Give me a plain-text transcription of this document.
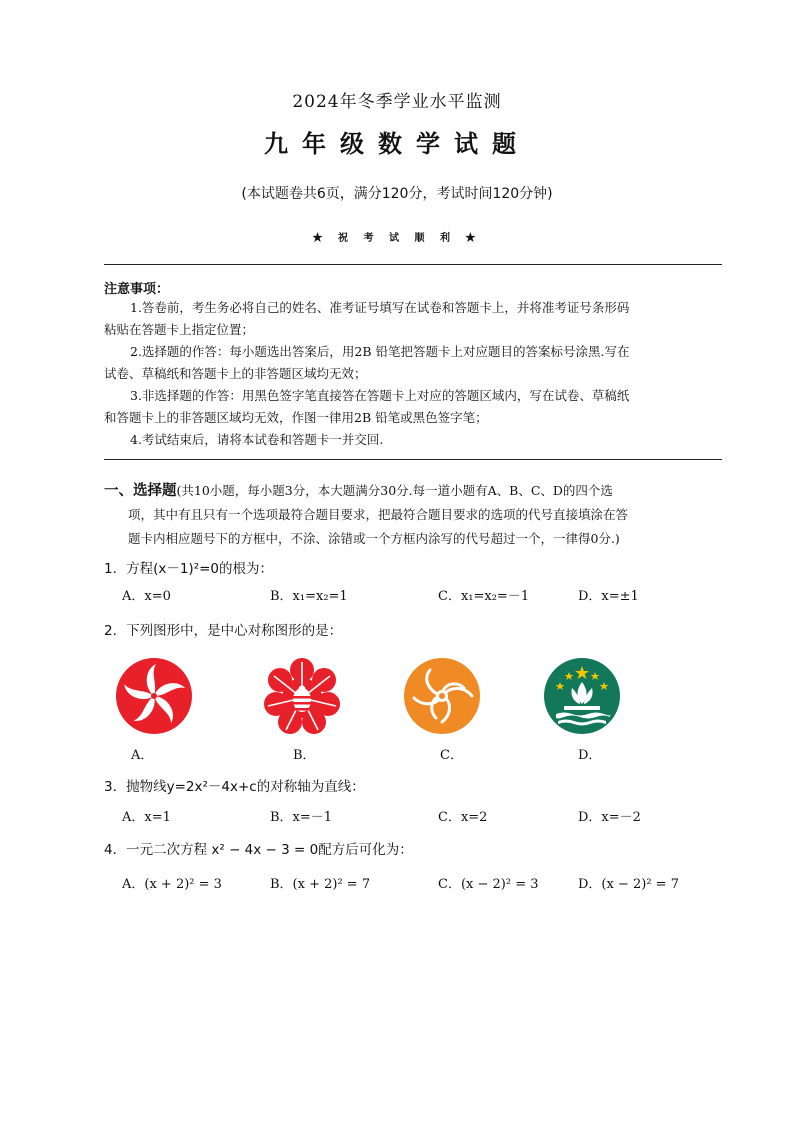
2024年冬季学业水平监测
九年级数学试题
(本试题卷共6页，满分120分，考试时间120分钟)
★ 祝 考 试 顺 利 ★
注意事项：
1.答卷前，考生务必将自己的姓名、准考证号填写在试卷和答题卡上，并将准考证号条形码
粘贴在答题卡上指定位置；
2.选择题的作答：每小题选出答案后，用2B 铅笔把答题卡上对应题目的答案标号涂黑.写在
试卷、草稿纸和答题卡上的非答题区域均无效；
3.非选择题的作答：用黑色签字笔直接答在答题卡上对应的答题区域内，写在试卷、草稿纸
和答题卡上的非答题区域均无效，作图一律用2B 铅笔或黑色签字笔；
4.考试结束后，请将本试卷和答题卡一并交回.
一、选择题(共10小题，每小题3分，本大题满分30分.每一道小题有A、B、C、D的四个选
项，其中有且只有一个选项最符合题目要求，把最符合题目要求的选项的代号直接填涂在答
题卡内相应题号下的方框中，不涂、涂错或一个方框内涂写的代号超过一个，一律得0分.)
1．方程(x－1)²=0的根为：
A．x=0	B．x₁=x₂=1	C．x₁=x₂=－1	D．x=±1
2．下列图形中，是中心对称图形的是：
A．	B．	C．	D．
3．抛物线y=2x²－4x+c的对称轴为直线：
A．x=1	B．x=－1	C．x=2	D．x=－2
4．一元二次方程 x² − 4x − 3 = 0配方后可化为：
A．(x + 2)² = 3	B．(x + 2)² = 7	C．(x − 2)² = 3	D．(x − 2)² = 7
